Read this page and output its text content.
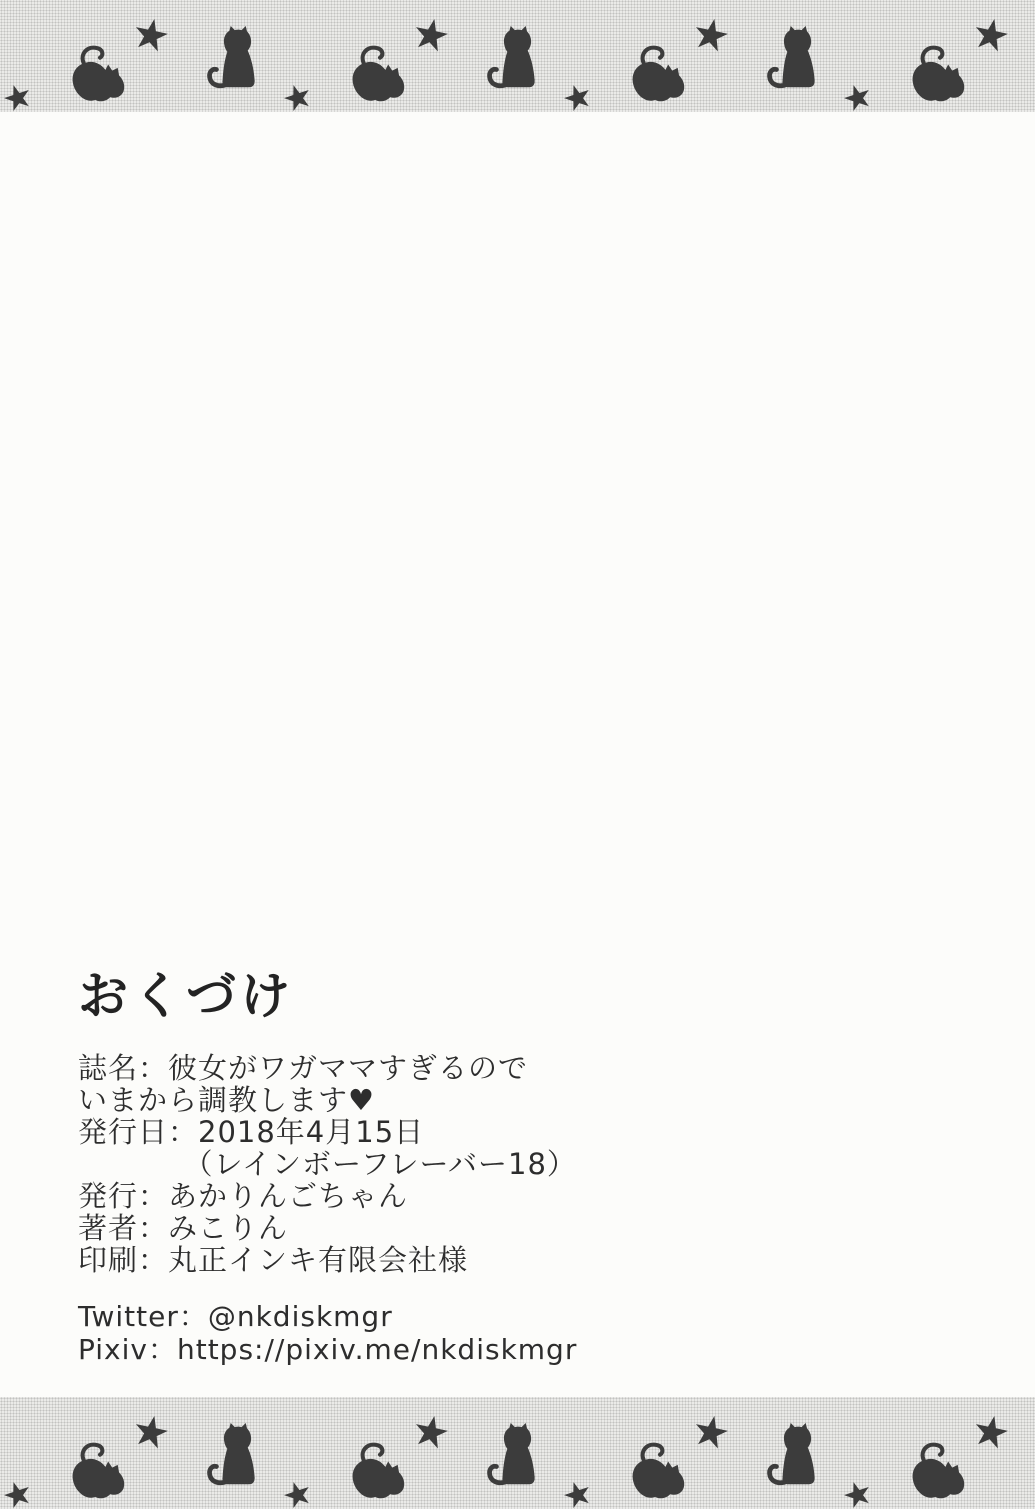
おくづけ
誌名：彼女がワガママすぎるので
いまから調教します♥
発行日：2018年4月15日
　　　　（レインボーフレーバー18）
発行：あかりんごちゃん
著者：みこりん
印刷：丸正インキ有限会社様
Twitter：@nkdiskmgr
Pixiv：https://pixiv.me/nkdiskmgr
